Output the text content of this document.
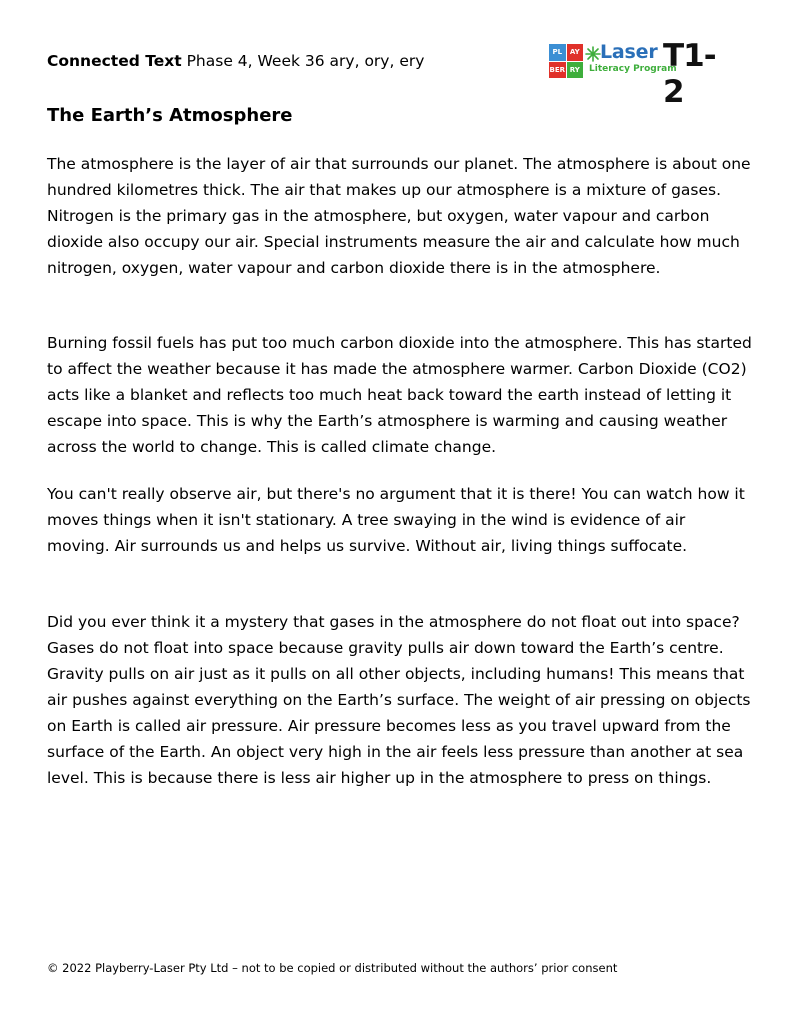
Connected Text Phase 4, Week 36 ary, ory, ery	PL	AY
BER RY
Laser
Literacy Program
T1-2
The Earth’s Atmosphere

The atmosphere is the layer of air that surrounds our planet. The atmosphere is about one hundred kilometres thick. The air that makes up our atmosphere is a mixture of gases. Nitrogen is the primary gas in the atmosphere, but oxygen, water vapour and carbon dioxide also occupy our air. Special instruments measure the air and calculate how much nitrogen, oxygen, water vapour and carbon dioxide there is in the atmosphere.

Burning fossil fuels has put too much carbon dioxide into the atmosphere. This has started to affect the weather because it has made the atmosphere warmer. Carbon Dioxide (CO2) acts like a blanket and reflects too much heat back toward the earth instead of letting it escape into space. This is why the Earth’s atmosphere is warming and causing weather across the world to change. This is called climate change.

You can't really observe air, but there's no argument that it is there! You can watch how it moves things when it isn't stationary. A tree swaying in the wind is evidence of air moving. Air surrounds us and helps us survive. Without air, living things suffocate.

Did you ever think it a mystery that gases in the atmosphere do not float out into space? Gases do not float into space because gravity pulls air down toward the Earth’s centre. Gravity pulls on air just as it pulls on all other objects, including humans! This means that air pushes against everything on the Earth’s surface. The weight of air pressing on objects on Earth is called air pressure. Air pressure becomes less as you travel upward from the surface of the Earth. An object very high in the air feels less pressure than another at sea level. This is because there is less air higher up in the atmosphere to press on things.

© 2022 Playberry-Laser Pty Ltd – not to be copied or distributed without the authors’ prior consent
